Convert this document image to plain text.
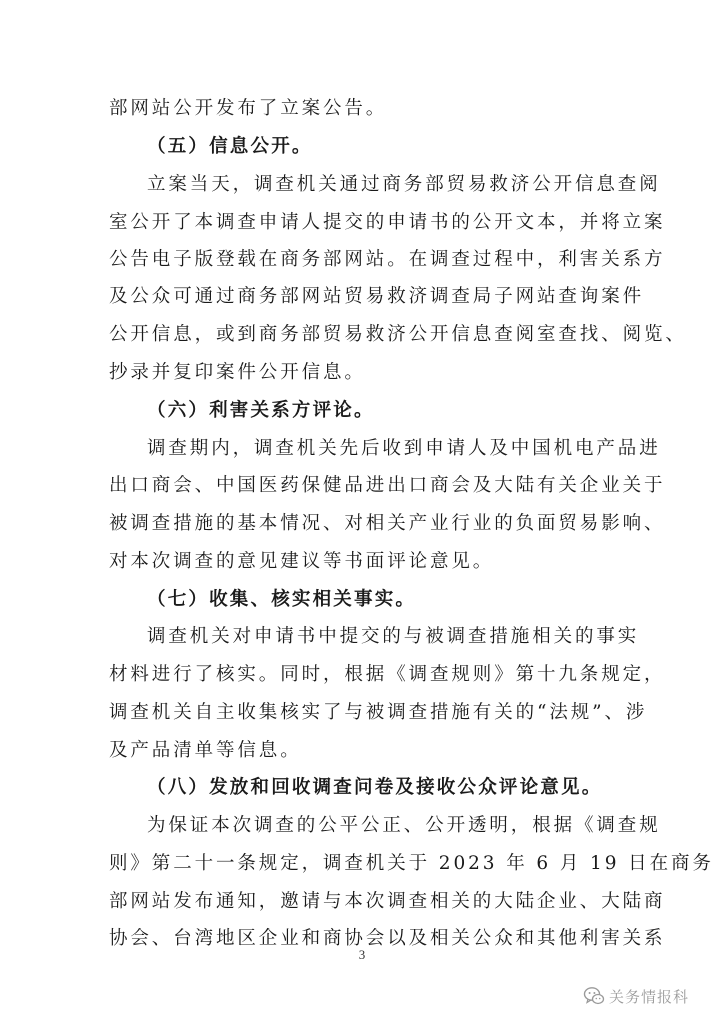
部网站公开发布了立案公告。
（五）信息公开。
立案当天，调查机关通过商务部贸易救济公开信息查阅
室公开了本调查申请人提交的申请书的公开文本，并将立案
公告电子版登载在商务部网站。在调查过程中，利害关系方
及公众可通过商务部网站贸易救济调查局子网站查询案件
公开信息，或到商务部贸易救济公开信息查阅室查找、阅览、
抄录并复印案件公开信息。
（六）利害关系方评论。
调查期内，调查机关先后收到申请人及中国机电产品进
出口商会、中国医药保健品进出口商会及大陆有关企业关于
被调查措施的基本情况、对相关产业行业的负面贸易影响、
对本次调查的意见建议等书面评论意见。
（七）收集、核实相关事实。
调查机关对申请书中提交的与被调查措施相关的事实
材料进行了核实。同时，根据《调查规则》第十九条规定，
调查机关自主收集核实了与被调查措施有关的“法规”、涉
及产品清单等信息。
（八）发放和回收调查问卷及接收公众评论意见。
为保证本次调查的公平公正、公开透明，根据《调查规
则》第二十一条规定，调查机关于 2023 年 6 月 19 日在商务
部网站发布通知，邀请与本次调查相关的大陆企业、大陆商
协会、台湾地区企业和商协会以及相关公众和其他利害关系
3
关务情报科
